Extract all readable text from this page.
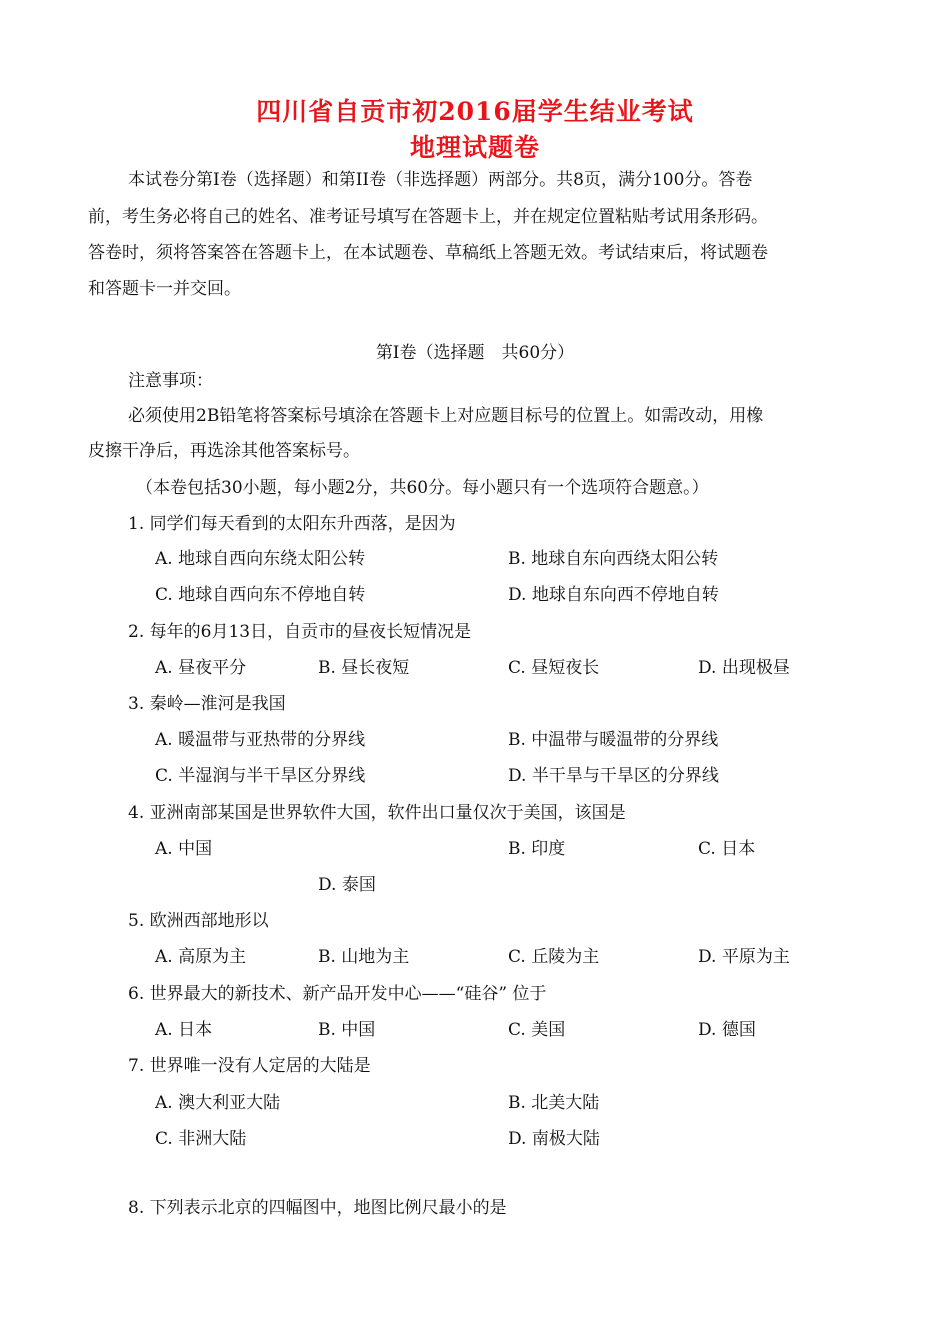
四川省自贡市初2016届学生结业考试
地理试题卷
本试卷分第I卷（选择题）和第II卷（非选择题）两部分。共8页，满分100分。答卷
前，考生务必将自己的姓名、准考证号填写在答题卡上，并在规定位置粘贴考试用条形码。
答卷时，须将答案答在答题卡上，在本试题卷、草稿纸上答题无效。考试结束后，将试题卷
和答题卡一并交回。
第I卷（选择题　共60分）
注意事项：
必须使用2B铅笔将答案标号填涂在答题卡上对应题目标号的位置上。如需改动，用橡
皮擦干净后，再选涂其他答案标号。
（本卷包括30小题，每小题2分，共60分。每小题只有一个选项符合题意。）
1. 同学们每天看到的太阳东升西落，是因为
A. 地球自西向东绕太阳公转	B. 地球自东向西绕太阳公转
C. 地球自西向东不停地自转	D. 地球自东向西不停地自转
2. 每年的6月13日，自贡市的昼夜长短情况是
A. 昼夜平分	B. 昼长夜短	C. 昼短夜长	D. 出现极昼
3. 秦岭—淮河是我国
A. 暖温带与亚热带的分界线	B. 中温带与暖温带的分界线
C. 半湿润与半干旱区分界线	D. 半干旱与干旱区的分界线
4. 亚洲南部某国是世界软件大国，软件出口量仅次于美国，该国是
A. 中国	B. 印度	C. 日本
D. 泰国
5. 欧洲西部地形以
A. 高原为主	B. 山地为主	C. 丘陵为主	D. 平原为主
6. 世界最大的新技术、新产品开发中心——“硅谷” 位于
A. 日本	B. 中国	C. 美国	D. 德国
7. 世界唯一没有人定居的大陆是
A. 澳大利亚大陆	B. 北美大陆
C. 非洲大陆	D. 南极大陆
8. 下列表示北京的四幅图中，地图比例尺最小的是
